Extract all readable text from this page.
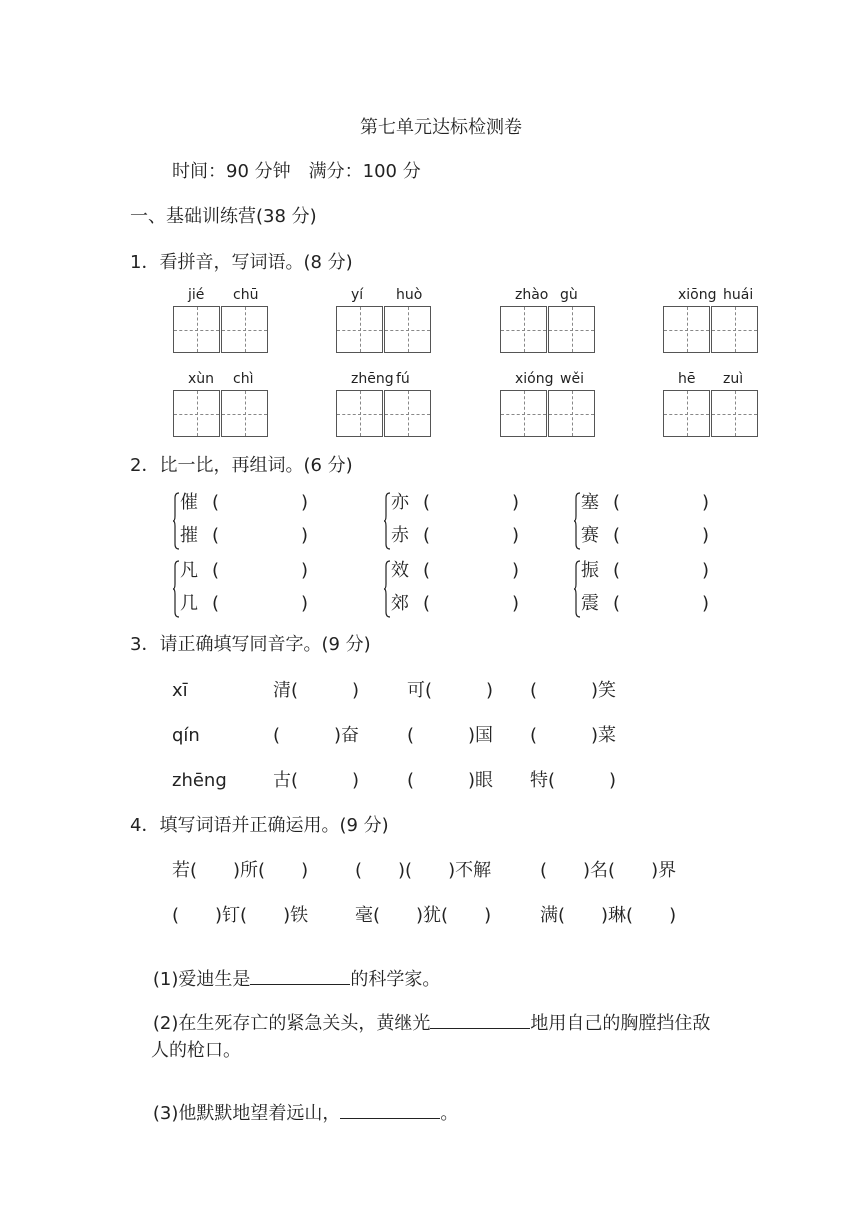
第七单元达标检测卷
时间：90 分钟　满分：100 分
一、基础训练营(38 分)
1．看拼音，写词语。(8 分)
jié chū	yí huò	zhào gù	xiōng huái
xùn chì	zhēng fú	xióng wěi	hē zuì
2．比一比，再组词。(6 分)
催 (	)
摧 (	)
亦 (	)
赤 (	)
塞 (	)
赛 (	)
凡 (	)
几 (	)
效 (	)
郊 (	)
振 (	)
震 (	)
3．请正确填写同音字。(9 分)
xī	清(　　　)	可(　　　) (　　　)笑
qín	(　　　)奋	(　　　)国 (　　　)菜
zhēng	古(　　　)	(　　　)眼 特(　　　)
4．填写词语并正确运用。(9 分)
若(　　)所(　　)	(　　)(　　)不解	(　　)名(　　)界
(　　)钉(　　)铁	毫(　　)犹(　　)	满(　　)琳(　　)

(1)爱迪生是	的科学家。

(2)在生死存亡的紧急关头，黄继光	地用自己的胸膛挡住敌

人的枪口。

(3)他默默地望着远山，	。
